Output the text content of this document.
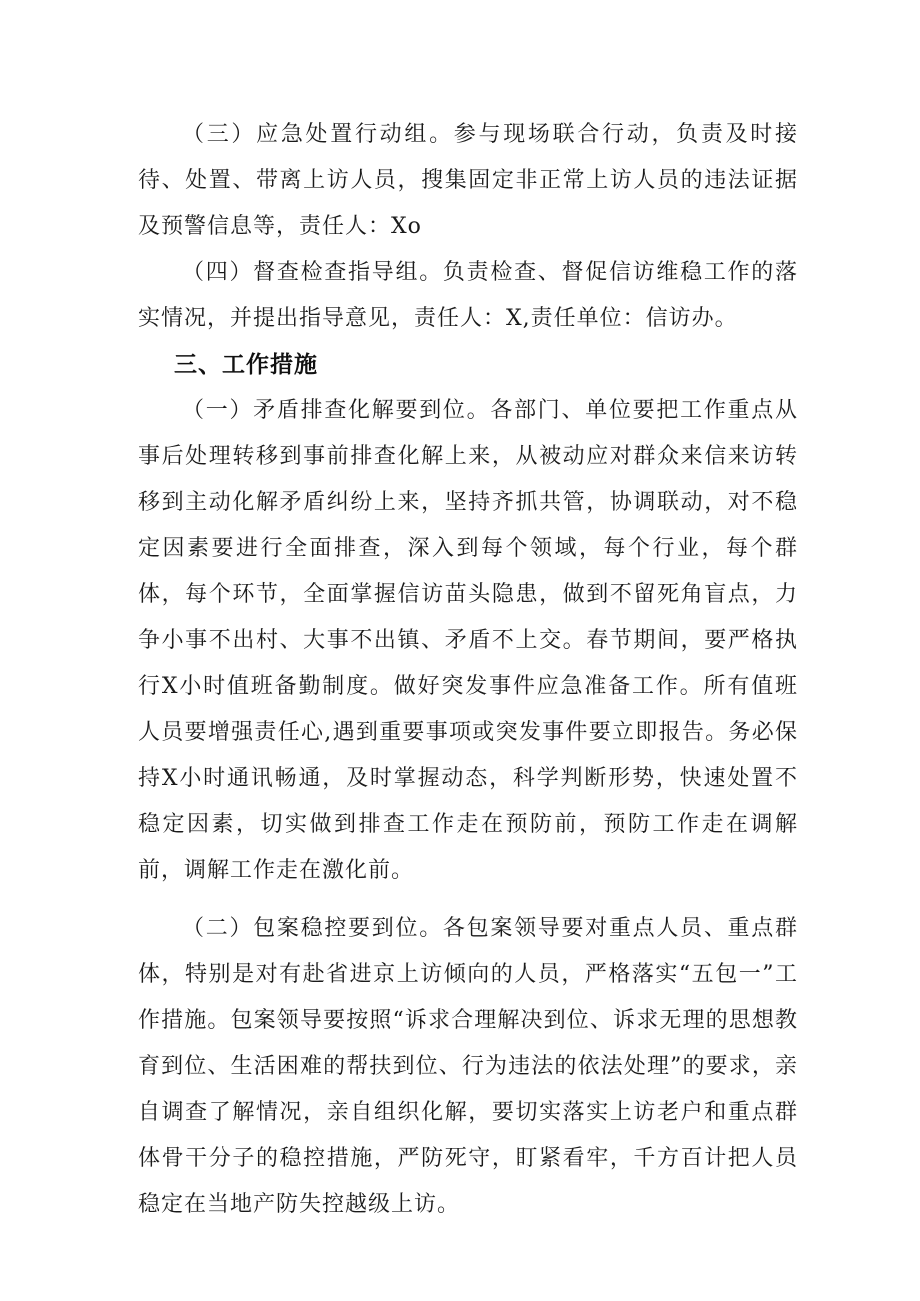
（三）应急处置行动组。参与现场联合行动，负责及时接待、处置、带离上访人员，搜集固定非正常上访人员的违法证据及预警信息等，责任人：Xo

（四）督查检查指导组。负责检查、督促信访维稳工作的落实情况，并提出指导意见，责任人：X,责任单位：信访办。

三、工作措施

（一）矛盾排查化解要到位。各部门、单位要把工作重点从事后处理转移到事前排查化解上来，从被动应对群众来信来访转移到主动化解矛盾纠纷上来，坚持齐抓共管，协调联动，对不稳定因素要进行全面排查，深入到每个领域，每个行业，每个群体，每个环节，全面掌握信访苗头隐患，做到不留死角盲点，力争小事不出村、大事不出镇、矛盾不上交。春节期间，要严格执行X小时值班备勤制度。做好突发事件应急准备工作。所有值班人员要增强责任心,遇到重要事项或突发事件要立即报告。务必保持X小时通讯畅通，及时掌握动态，科学判断形势，快速处置不稳定因素，切实做到排查工作走在预防前，预防工作走在调解前，调解工作走在激化前。

（二）包案稳控要到位。各包案领导要对重点人员、重点群体，特别是对有赴省进京上访倾向的人员，严格落实“五包一”工作措施。包案领导要按照“诉求合理解决到位、诉求无理的思想教育到位、生活困难的帮扶到位、行为违法的依法处理”的要求，亲自调查了解情况，亲自组织化解，要切实落实上访老户和重点群体骨干分子的稳控措施，严防死守，盯紧看牢，千方百计把人员稳定在当地产防失控越级上访。
